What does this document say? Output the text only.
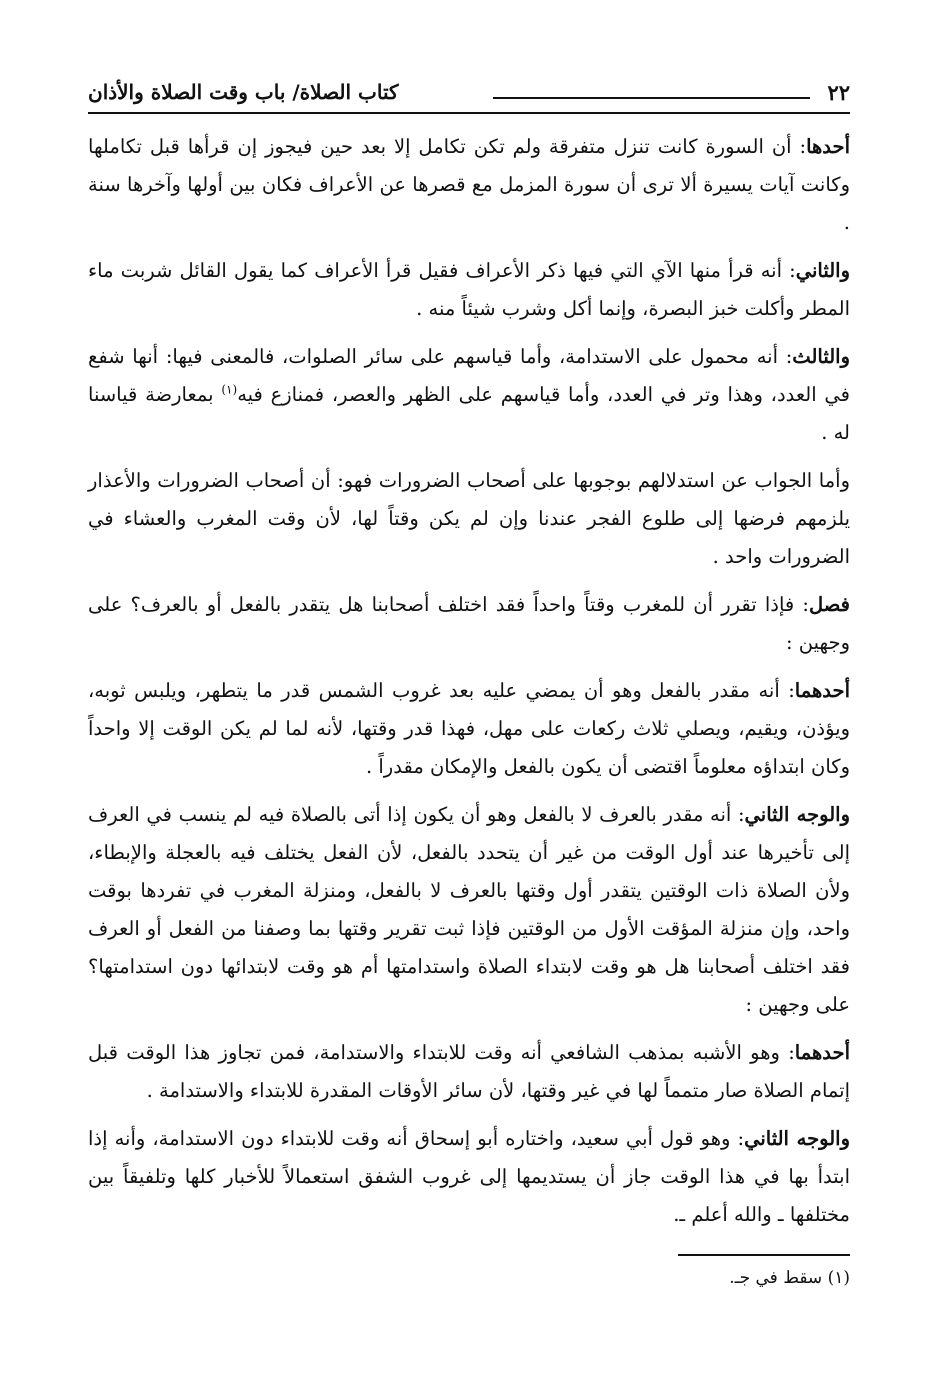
٢٢
كتاب الصلاة/ باب وقت الصلاة والأذان

أحدها: أن السورة كانت تنزل متفرقة ولم تكن تكامل إلا بعد حين فيجوز إن قرأها قبل تكاملها وكانت آيات يسيرة ألا ترى أن سورة المزمل مع قصرها عن الأعراف فكان بين أولها وآخرها سنة .

والثاني: أنه قرأ منها الآي التي فيها ذكر الأعراف فقيل قرأ الأعراف كما يقول القائل شربت ماء المطر وأكلت خبز البصرة، وإنما أكل وشرب شيئاً منه .

والثالث: أنه محمول على الاستدامة، وأما قياسهم على سائر الصلوات، فالمعنى فيها: أنها شفع في العدد، وهذا وتر في العدد، وأما قياسهم على الظهر والعصر، فمنازع فيه$^{(١)}$ بمعارضة قياسنا له .

وأما الجواب عن استدلالهم بوجوبها على أصحاب الضرورات فهو: أن أصحاب الضرورات والأعذار يلزمهم فرضها إلى طلوع الفجر عندنا وإن لم يكن وقتاً لها، لأن وقت المغرب والعشاء في الضرورات واحد .

فصل: فإذا تقرر أن للمغرب وقتاً واحداً فقد اختلف أصحابنا هل يتقدر بالفعل أو بالعرف؟ على وجهين :

أحدهما: أنه مقدر بالفعل وهو أن يمضي عليه بعد غروب الشمس قدر ما يتطهر، ويلبس ثوبه، ويؤذن، ويقيم، ويصلي ثلاث ركعات على مهل، فهذا قدر وقتها، لأنه لما لم يكن الوقت إلا واحداً وكان ابتداؤه معلوماً اقتضى أن يكون بالفعل والإمكان مقدراً .

والوجه الثاني: أنه مقدر بالعرف لا بالفعل وهو أن يكون إذا أتى بالصلاة فيه لم ينسب في العرف إلى تأخيرها عند أول الوقت من غير أن يتحدد بالفعل، لأن الفعل يختلف فيه بالعجلة والإبطاء، ولأن الصلاة ذات الوقتين يتقدر أول وقتها بالعرف لا بالفعل، ومنزلة المغرب في تفردها بوقت واحد، وإن منزلة المؤقت الأول من الوقتين فإذا ثبت تقرير وقتها بما وصفنا من الفعل أو العرف فقد اختلف أصحابنا هل هو وقت لابتداء الصلاة واستدامتها أم هو وقت لابتدائها دون استدامتها؟ على وجهين :

أحدهما: وهو الأشبه بمذهب الشافعي أنه وقت للابتداء والاستدامة، فمن تجاوز هذا الوقت قبل إتمام الصلاة صار متمماً لها في غير وقتها، لأن سائر الأوقات المقدرة للابتداء والاستدامة .

والوجه الثاني: وهو قول أبي سعيد، واختاره أبو إسحاق أنه وقت للابتداء دون الاستدامة، وأنه إذا ابتدأ بها في هذا الوقت جاز أن يستديمها إلى غروب الشفق استعمالاً للأخبار كلها وتلفيقاً بين مختلفها ـ والله أعلم ـ.

(١) سقط في جـ.
